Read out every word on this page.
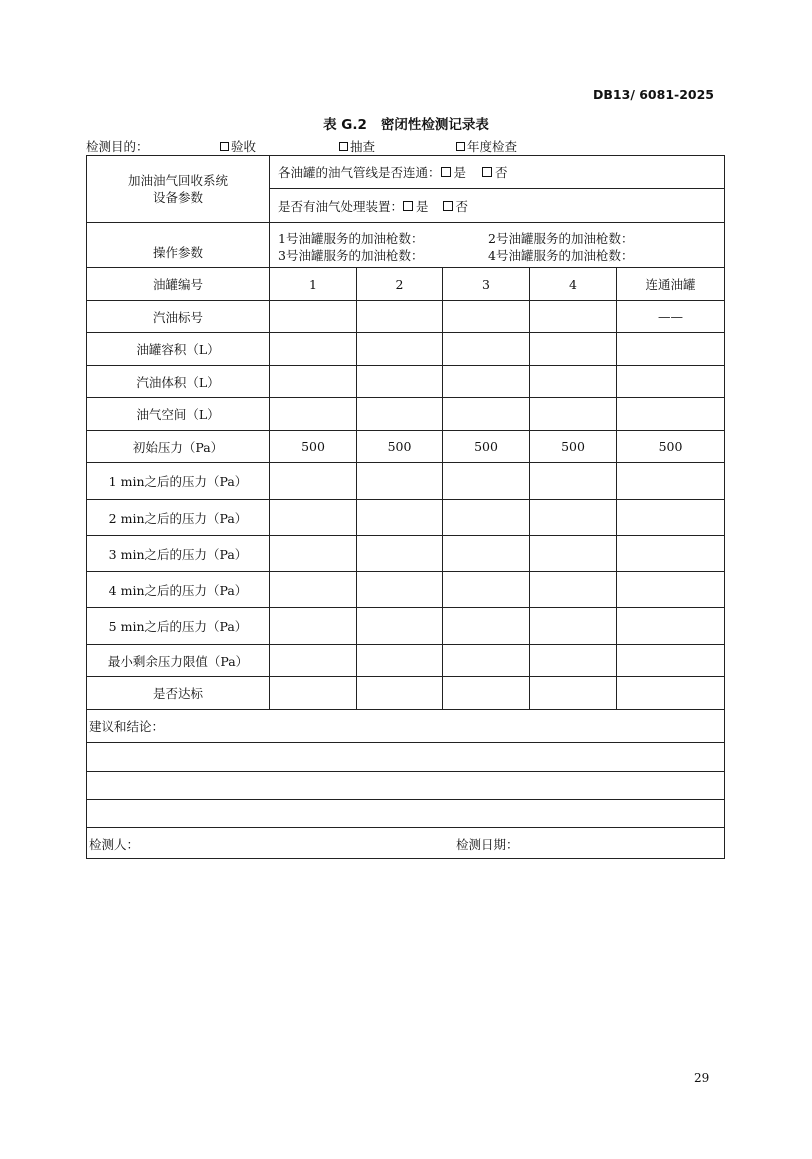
DB13/ 6081-2025
表 G.2 密闭性检测记录表
检测目的：	验收	抽查	年度检查
加油油气回收系统
设备参数	各油罐的油气管线是否连通： 是 否				
	是否有油气处理装置： 是 否				
操作参数	1号油罐服务的加油枪数： 2号油罐服务的加油枪数：
3号油罐服务的加油枪数： 4号油罐服务的加油枪数：				

油罐编号	1	2	3	4	连通油罐
汽油标号					——
油罐容积（L）					
汽油体积（L）					
油气空间（L）					
初始压力（Pa）	500	500	500	500	500
1 min之后的压力（Pa）					
2 min之后的压力（Pa）					
3 min之后的压力（Pa）					
4 min之后的压力（Pa）					
5 min之后的压力（Pa）					
最小剩余压力限值（Pa）					
是否达标					
建议和结论：					

检测人： 检测日期：					
29
